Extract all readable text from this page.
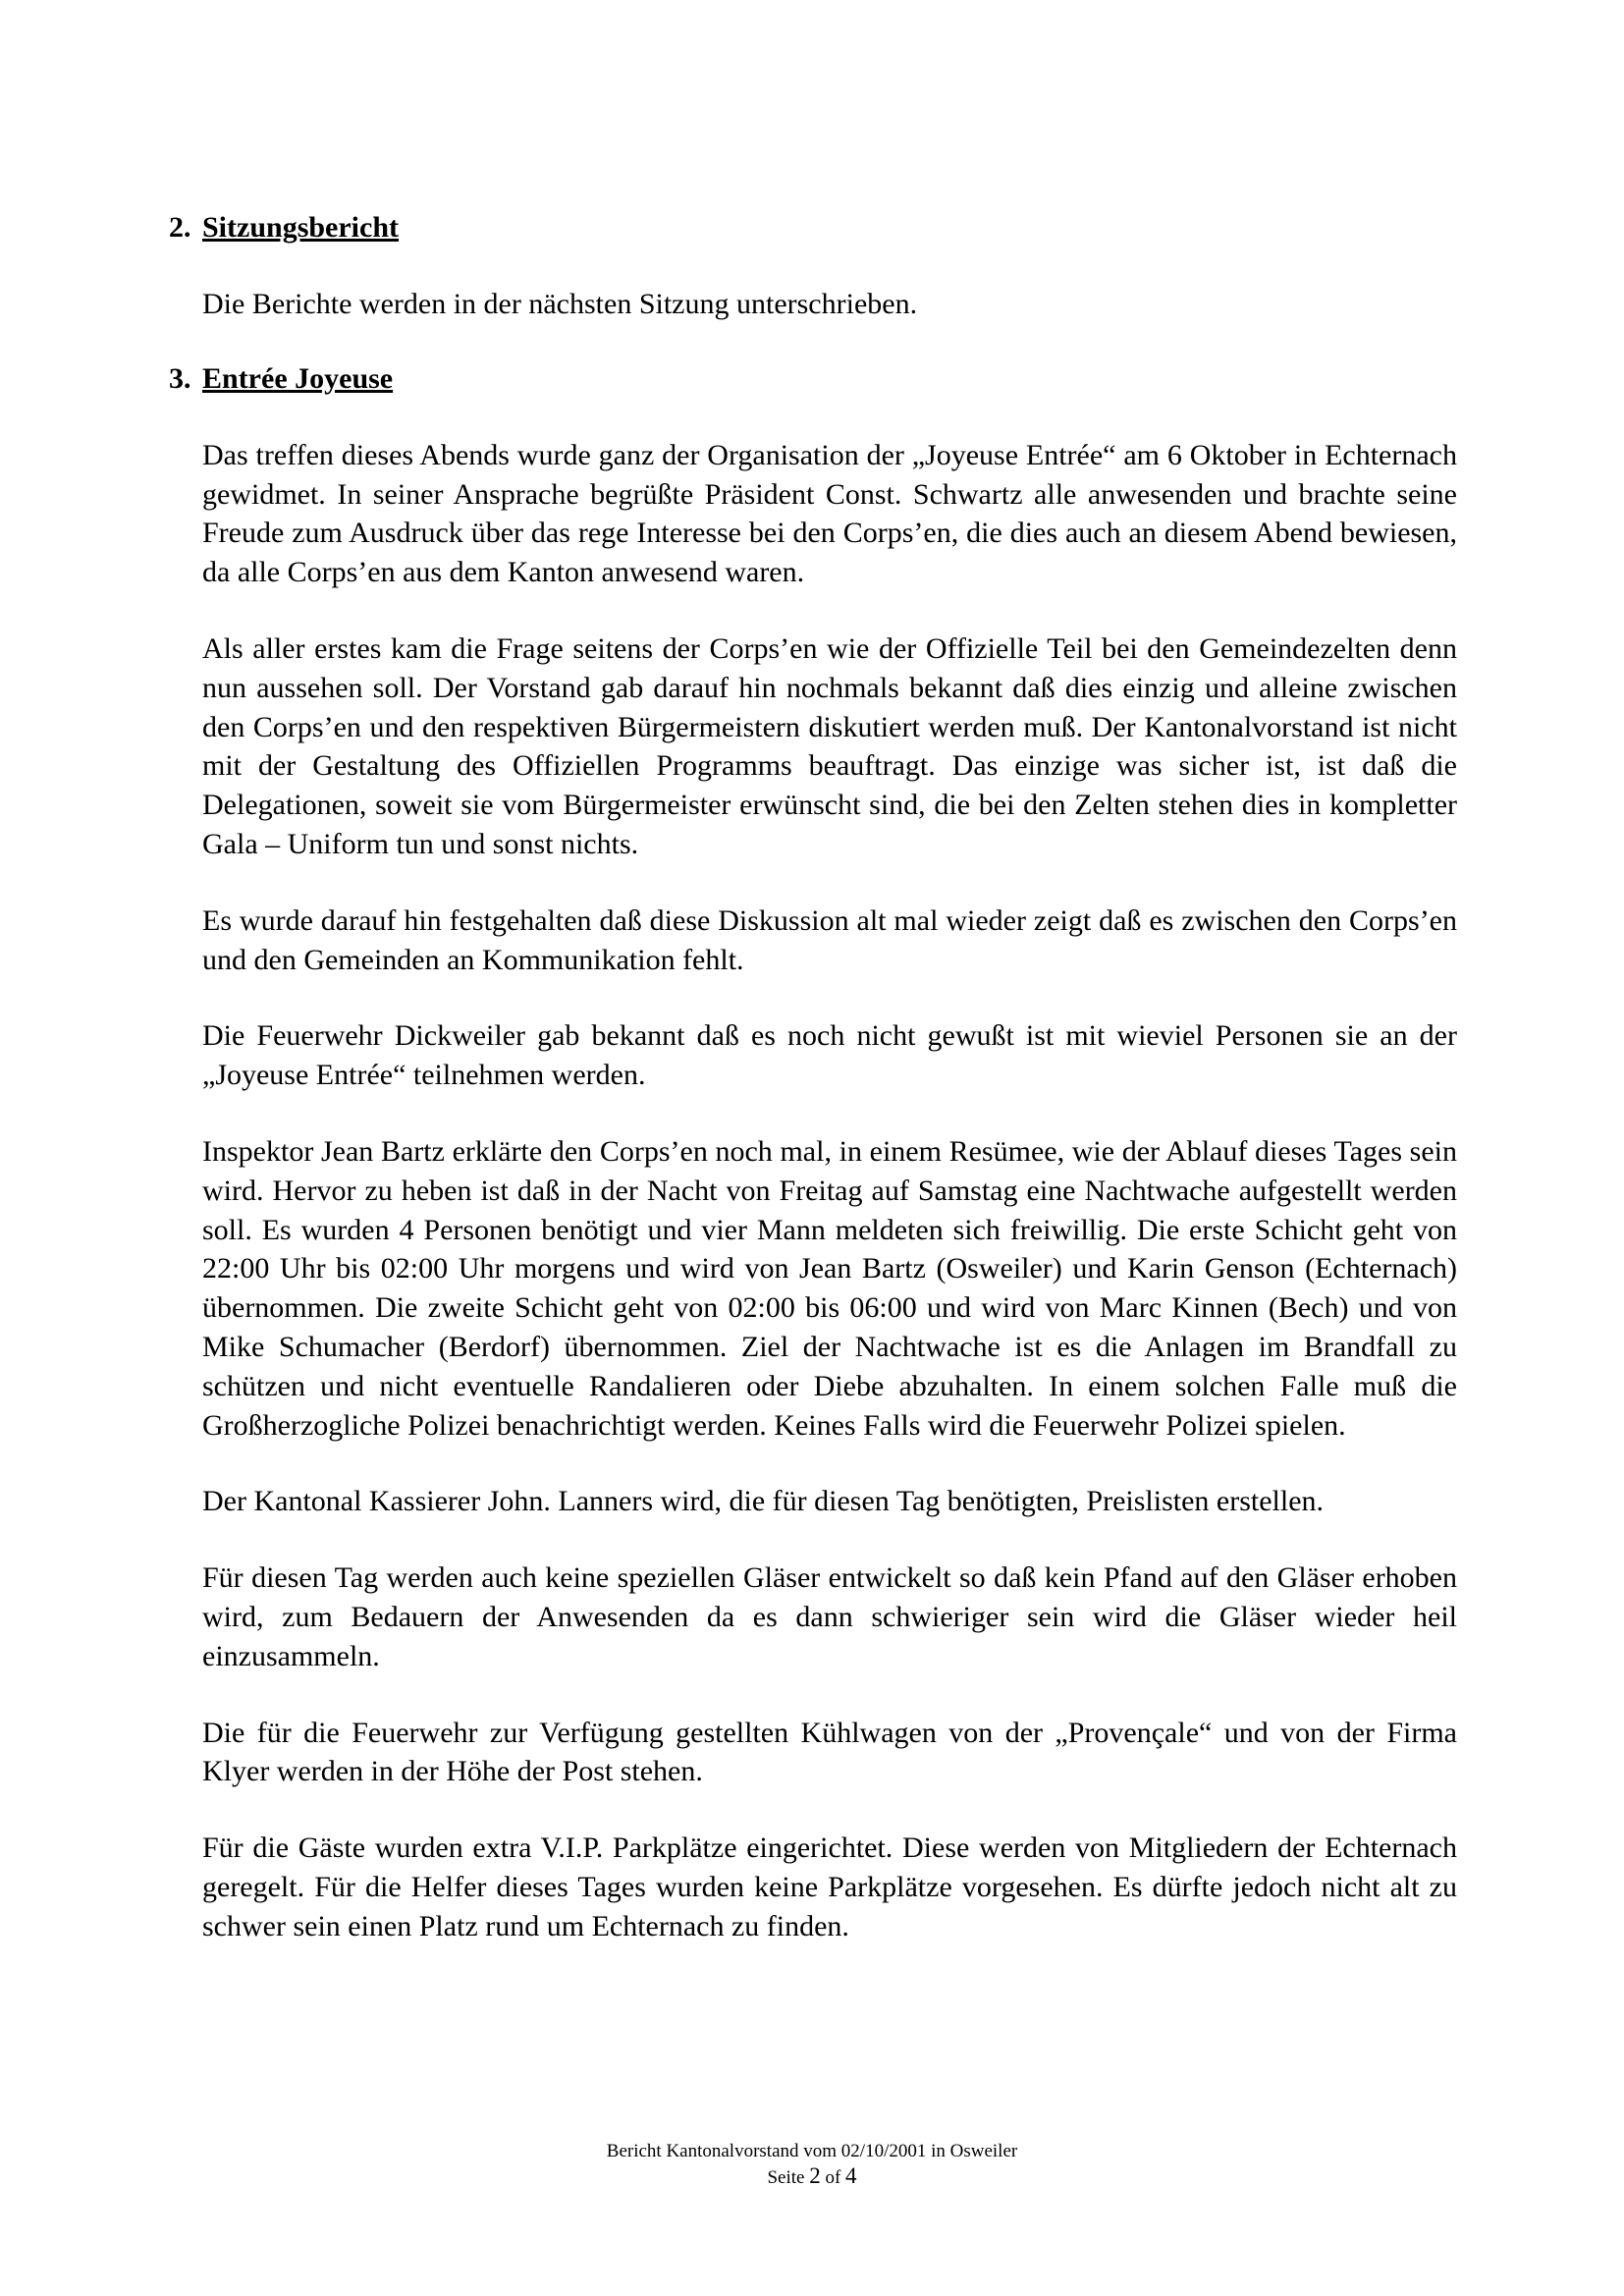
2. Sitzungsbericht

Die Berichte werden in der nächsten Sitzung unterschrieben.

3. Entrée Joyeuse

Das treffen dieses Abends wurde ganz der Organisation der „Joyeuse Entrée“ am 6 Oktober in Echternach gewidmet. In seiner Ansprache begrüßte Präsident Const. Schwartz alle anwesenden und brachte seine Freude zum Ausdruck über das rege Interesse bei den Corps’en, die dies auch an diesem Abend bewiesen, da alle Corps’en aus dem Kanton anwesend waren.

Als aller erstes kam die Frage seitens der Corps’en wie der Offizielle Teil bei den Gemeindezelten denn nun aussehen soll. Der Vorstand gab darauf hin nochmals bekannt daß dies einzig und alleine zwischen den Corps’en und den respektiven Bürgermeistern diskutiert werden muß. Der Kantonalvorstand ist nicht mit der Gestaltung des Offiziellen Programms beauftragt. Das einzige was sicher ist, ist daß die Delegationen, soweit sie vom Bürgermeister erwünscht sind, die bei den Zelten stehen dies in kompletter Gala – Uniform tun und sonst nichts.

Es wurde darauf hin festgehalten daß diese Diskussion alt mal wieder zeigt daß es zwischen den Corps’en und den Gemeinden an Kommunikation fehlt.

Die Feuerwehr Dickweiler gab bekannt daß es noch nicht gewußt ist mit wieviel Personen sie an der „Joyeuse Entrée“ teilnehmen werden.

Inspektor Jean Bartz erklärte den Corps’en noch mal, in einem Resümee, wie der Ablauf dieses Tages sein wird. Hervor zu heben ist daß in der Nacht von Freitag auf Samstag eine Nachtwache aufgestellt werden soll. Es wurden 4 Personen benötigt und vier Mann meldeten sich freiwillig. Die erste Schicht geht von 22:00 Uhr bis 02:00 Uhr morgens und wird von Jean Bartz (Osweiler) und Karin Genson (Echternach) übernommen. Die zweite Schicht geht von 02:00 bis 06:00 und wird von Marc Kinnen (Bech) und von Mike Schumacher (Berdorf) übernommen. Ziel der Nachtwache ist es die Anlagen im Brandfall zu schützen und nicht eventuelle Randalieren oder Diebe abzuhalten. In einem solchen Falle muß die Großherzogliche Polizei benachrichtigt werden. Keines Falls wird die Feuerwehr Polizei spielen.

Der Kantonal Kassierer John. Lanners wird, die für diesen Tag benötigten, Preislisten erstellen.

Für diesen Tag werden auch keine speziellen Gläser entwickelt so daß kein Pfand auf den Gläser erhoben wird, zum Bedauern der Anwesenden da es dann schwieriger sein wird die Gläser wieder heil einzusammeln.

Die für die Feuerwehr zur Verfügung gestellten Kühlwagen von der „Provençale“ und von der Firma Klyer werden in der Höhe der Post stehen.

Für die Gäste wurden extra V.I.P. Parkplätze eingerichtet. Diese werden von Mitgliedern der Echternach geregelt. Für die Helfer dieses Tages wurden keine Parkplätze vorgesehen. Es dürfte jedoch nicht alt zu schwer sein einen Platz rund um Echternach zu finden.

Bericht Kantonalvorstand vom 02/10/2001 in Osweiler
Seite 2 of 4
